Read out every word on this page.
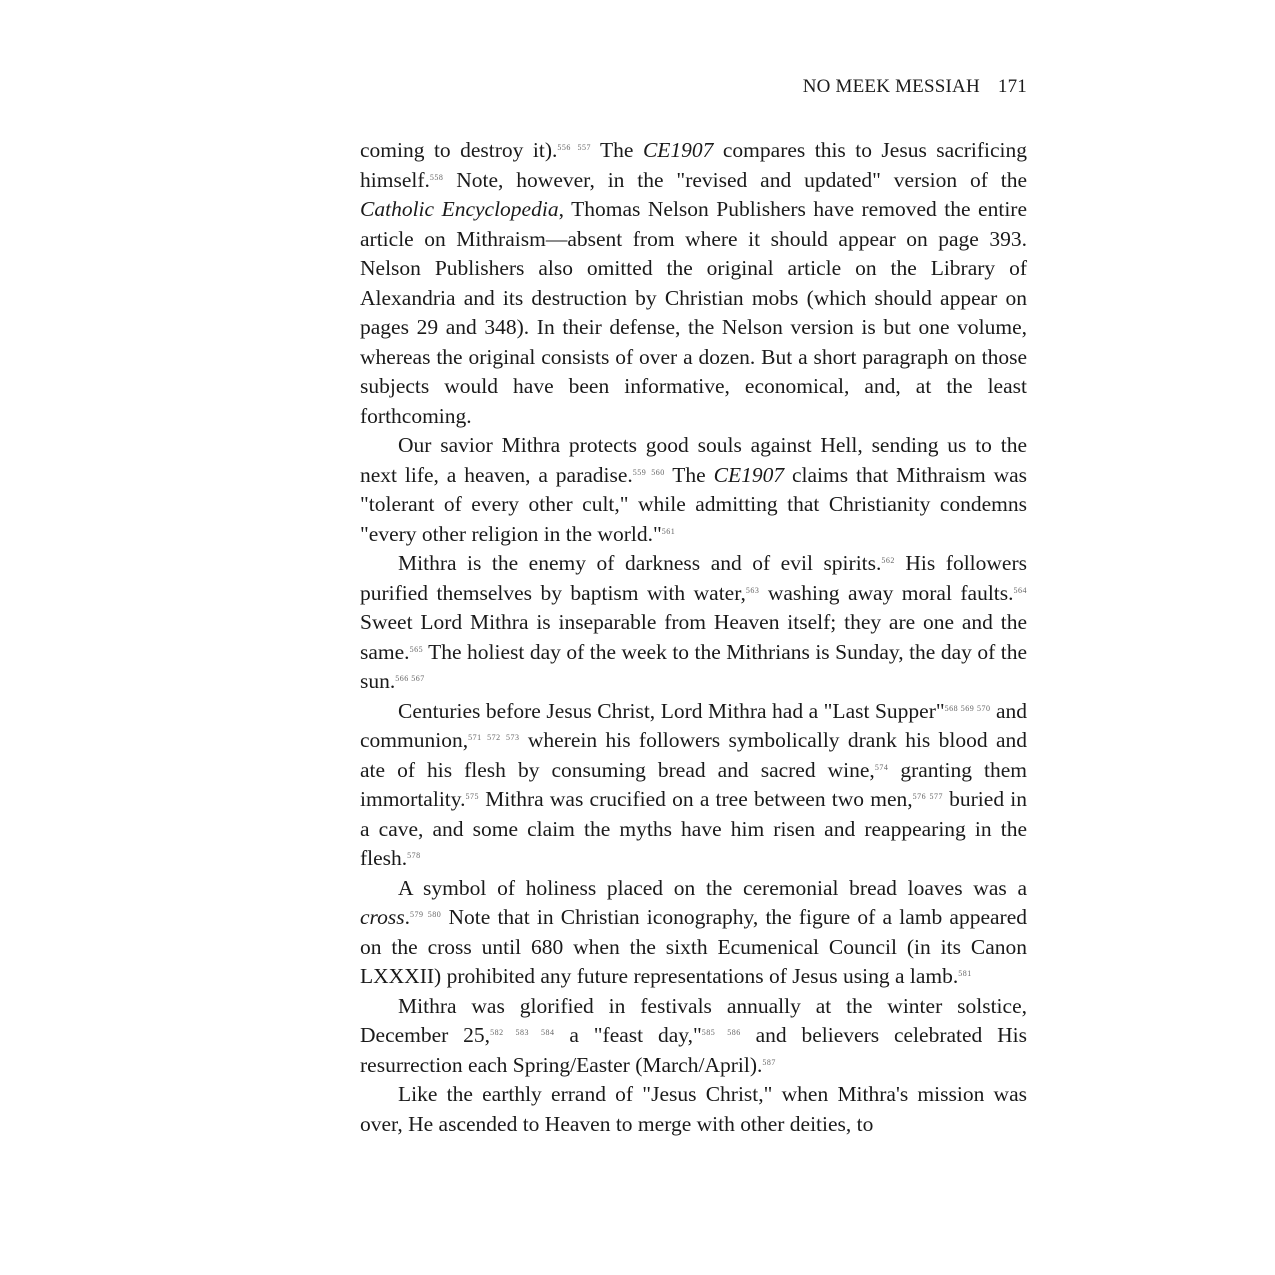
NO MEEK MESSIAH 171

coming to destroy it).$^{556 557}$ The CE1907 compares this to Jesus sacrificing himself.$^{558}$ Note, however, in the "revised and updated" version of the Catholic Encyclopedia, Thomas Nelson Publishers have removed the entire article on Mithraism—absent from where it should appear on page 393. Nelson Publishers also omitted the original article on the Library of Alexandria and its destruction by Christian mobs (which should appear on pages 29 and 348). In their defense, the Nelson version is but one volume, whereas the original consists of over a dozen. But a short paragraph on those subjects would have been informative, economical, and, at the least forthcoming.

Our savior Mithra protects good souls against Hell, sending us to the next life, a heaven, a paradise.$^{559 560}$ The CE1907 claims that Mithraism was "tolerant of every other cult," while admitting that Christianity condemns "every other religion in the world."$^{561}$

Mithra is the enemy of darkness and of evil spirits.$^{562}$ His followers purified themselves by baptism with water,$^{563}$ washing away moral faults.$^{564}$ Sweet Lord Mithra is inseparable from Heaven itself; they are one and the same.$^{565}$ The holiest day of the week to the Mithrians is Sunday, the day of the sun.$^{566 567}$

Centuries before Jesus Christ, Lord Mithra had a "Last Supper"$^{568 569 570}$ and communion,$^{571 572 573}$ wherein his followers symbolically drank his blood and ate of his flesh by consuming bread and sacred wine,$^{574}$ granting them immortality.$^{575}$ Mithra was crucified on a tree between two men,$^{576 577}$ buried in a cave, and some claim the myths have him risen and reappearing in the flesh.$^{578}$

A symbol of holiness placed on the ceremonial bread loaves was a cross.$^{579 580}$ Note that in Christian iconography, the figure of a lamb appeared on the cross until 680 when the sixth Ecumenical Council (in its Canon LXXXII) prohibited any future representations of Jesus using a lamb.$^{581}$

Mithra was glorified in festivals annually at the winter solstice, December 25,$^{582 583 584}$ a "feast day,"$^{585 586}$ and believers celebrated His resurrection each Spring/Easter (March/April).$^{587}$

Like the earthly errand of "Jesus Christ," when Mithra's mission was over, He ascended to Heaven to merge with other deities, to
